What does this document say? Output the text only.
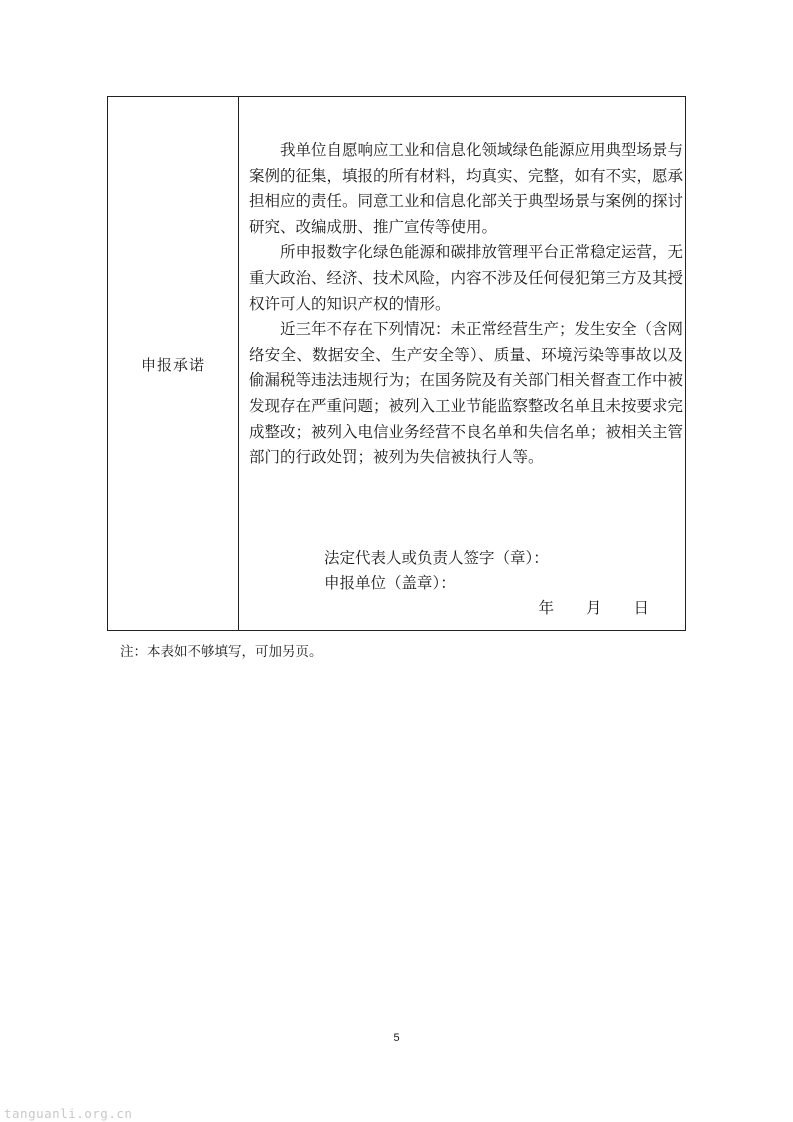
申报承诺

我单位自愿响应工业和信息化领域绿色能源应用典型场景与案例的征集，填报的所有材料，均真实、完整，如有不实，愿承担相应的责任。同意工业和信息化部关于典型场景与案例的探讨研究、改编成册、推广宣传等使用。

所申报数字化绿色能源和碳排放管理平台正常稳定运营，无重大政治、经济、技术风险，内容不涉及任何侵犯第三方及其授权许可人的知识产权的情形。

近三年不存在下列情况：未正常经营生产；发生安全（含网络安全、数据安全、生产安全等）、质量、环境污染等事故以及偷漏税等违法违规行为；在国务院及有关部门相关督查工作中被发现存在严重问题；被列入工业节能监察整改名单且未按要求完成整改；被列入电信业务经营不良名单和失信名单；被相关主管部门的行政处罚；被列为失信被执行人等。

法定代表人或负责人签字（章）：
申报单位（盖章）：
年 月 日
注：本表如不够填写，可加另页。
5
tanguanli.org.cn
